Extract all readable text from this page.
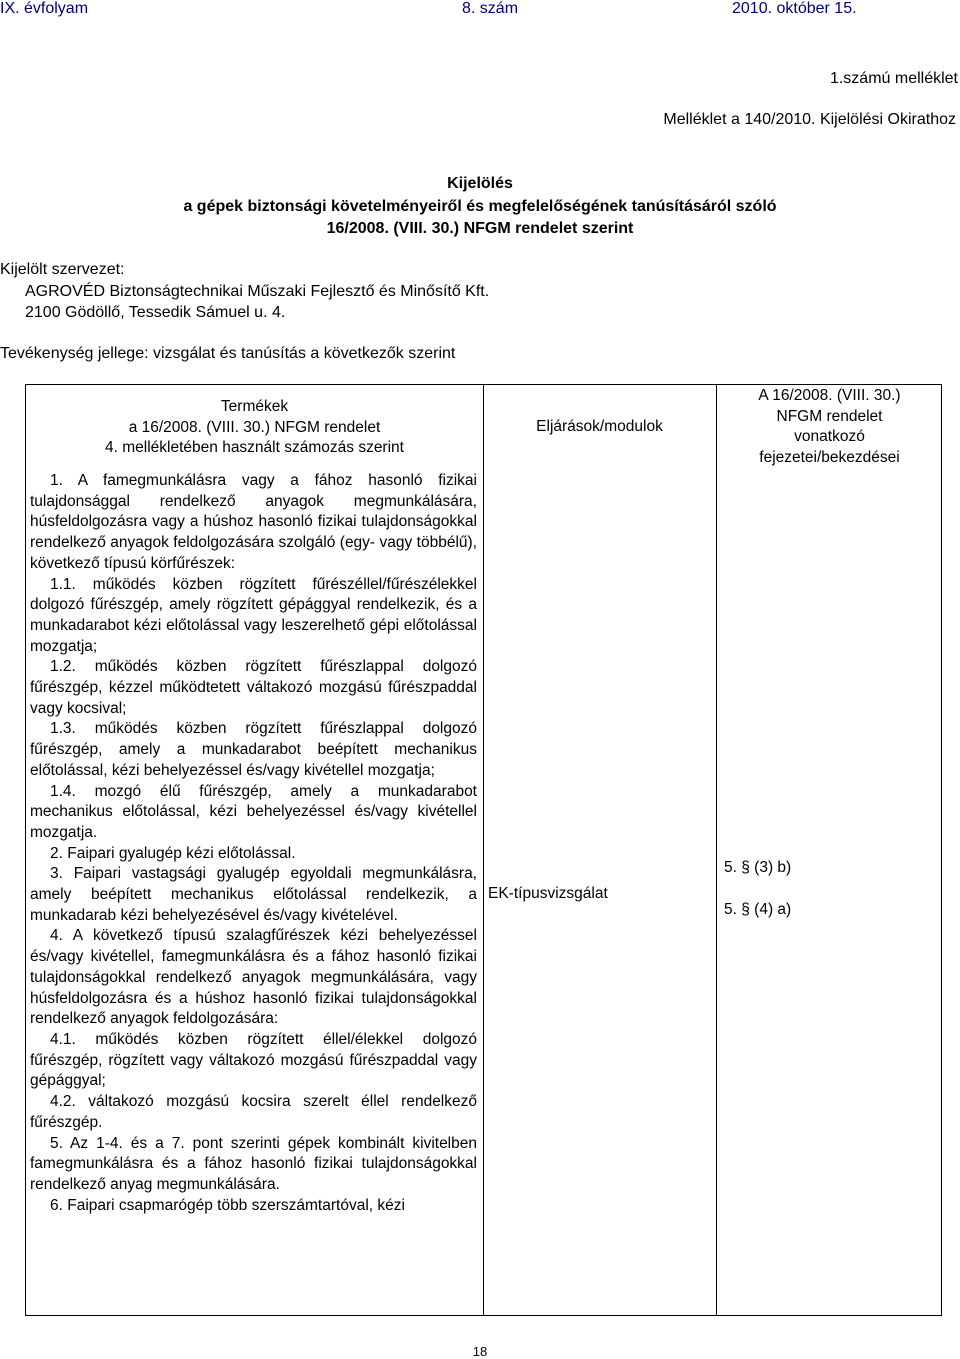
IX. évfolyam	8. szám	2010. október 15.
1.számú melléklet
Melléklet a 140/2010. Kijelölési Okirathoz
Kijelölés
a gépek biztonsági követelményeiről és megfelelőségének tanúsításáról szóló
16/2008. (VIII. 30.) NFGM rendelet szerint
Kijelölt szervezet:
AGROVÉD Biztonságtechnikai Műszaki Fejlesztő és Minősítő Kft.
2100 Gödöllő, Tessedik Sámuel u. 4.
Tevékenység jellege: vizsgálat és tanúsítás a következők szerint
Termékek
a 16/2008. (VIII. 30.) NFGM rendelet
4. mellékletében használt számozás szerint
Eljárások/modulok
A 16/2008. (VIII. 30.)
NFGM rendelet
vonatkozó
fejezetei/bekezdései

1. A famegmunkálásra vagy a fához hasonló fizikai tulajdonsággal rendelkező anyagok megmunkálására, húsfeldolgozásra vagy a húshoz hasonló fizikai tulajdonságokkal rendelkező anyagok feldolgozására szolgáló (egy- vagy többélű), következő típusú körfűrészek:

1.1. működés közben rögzített fűrészéllel/fűrészélekkel dolgozó fűrészgép, amely rögzített gépággyal rendelkezik, és a munkadarabot kézi előtolással vagy leszerelhető gépi előtolással mozgatja;

1.2. működés közben rögzített fűrészlappal dolgozó fűrészgép, kézzel működtetett váltakozó mozgású fűrészpaddal vagy kocsival;

1.3. működés közben rögzített fűrészlappal dolgozó fűrészgép, amely a munkadarabot beépített mechanikus előtolással, kézi behelyezéssel és/vagy kivétellel mozgatja;

1.4. mozgó élű fűrészgép, amely a munkadarabot mechanikus előtolással, kézi behelyezéssel és/vagy kivétellel mozgatja.

2. Faipari gyalugép kézi előtolással.

3. Faipari vastagsági gyalugép egyoldali megmunkálásra, amely beépített mechanikus előtolással rendelkezik, a munkadarab kézi behelyezésével és/vagy kivételével.

4. A következő típusú szalagfűrészek kézi behelyezéssel és/vagy kivétellel, famegmunkálásra és a fához hasonló fizikai tulajdonságokkal rendelkező anyagok megmunkálására, vagy húsfeldolgozásra és a húshoz hasonló fizikai tulajdonságokkal rendelkező anyagok feldolgozására:

4.1. működés közben rögzített éllel/élekkel dolgozó fűrészgép, rögzített vagy váltakozó mozgású fűrészpaddal vagy gépággyal;

4.2. váltakozó mozgású kocsira szerelt éllel rendelkező fűrészgép.

5. Az 1-4. és a 7. pont szerinti gépek kombinált kivitelben famegmunkálásra és a fához hasonló fizikai tulajdonságokkal rendelkező anyag megmunkálására.

6. Faipari csapmarógép több szerszámtartóval, kézi

EK-típusvizsgálat
5. § (3) b)
5. § (4) a)
18
